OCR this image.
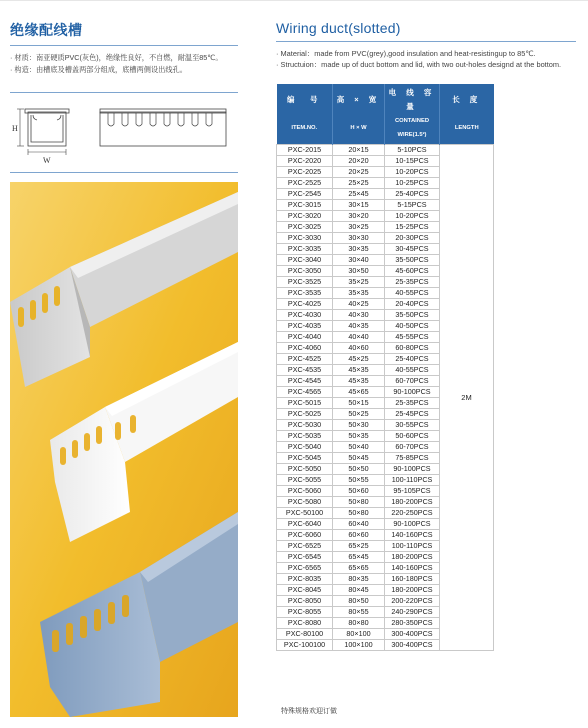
绝缘配线槽
· 材质：南亚硬质PVC(灰色)，绝缘性良好，不自燃，耐温至85℃。
· 构造：由槽底及槽盖两部分组成，底槽两侧设出线孔。
H
W
Wiring duct(slotted)
· Material：made from PVC(grey),good insulation and heat-resistingup to 85℃.
· Structuion：made up of duct bottom and lid, with two out-holes designd at the bottom.
编　号	高 × 宽	电 线 容 量	长 度
ITEM.NO.	H × W	CONTAINED WIRE(1.5²)	LENGTH
PXC-2015	20×15	5-10PCS	2M
PXC-2020	20×20	10-15PCS	
PXC-2025	20×25	10-20PCS	
PXC-2525	25×25	10-25PCS	
PXC-2545	25×45	25-40PCS	
PXC-3015	30×15	5-15PCS	
PXC-3020	30×20	10-20PCS	
PXC-3025	30×25	15-25PCS	
PXC-3030	30×30	20-30PCS	
PXC-3035	30×35	30-45PCS	
PXC-3040	30×40	35-50PCS	
PXC-3050	30×50	45-60PCS	
PXC-3525	35×25	25-35PCS	
PXC-3535	35×35	40-55PCS	
PXC-4025	40×25	20-40PCS	
PXC-4030	40×30	35-50PCS	
PXC-4035	40×35	40-50PCS	
PXC-4040	40×40	45-55PCS	
PXC-4060	40×60	60-80PCS	
PXC-4525	45×25	25-40PCS	
PXC-4535	45×35	40-55PCS	
PXC-4545	45×35	60-70PCS	
PXC-4565	45×65	90-100PCS	
PXC-5015	50×15	25-35PCS	
PXC-5025	50×25	25-45PCS	
PXC-5030	50×30	30-55PCS	
PXC-5035	50×35	50-60PCS	
PXC-5040	50×40	60-70PCS	
PXC-5045	50×45	75-85PCS	
PXC-5050	50×50	90-100PCS	
PXC-5055	50×55	100-110PCS	
PXC-5060	50×60	95-105PCS	
PXC-5080	50×80	180-200PCS	
PXC-50100	50×80	220-250PCS	
PXC-6040	60×40	90-100PCS	
PXC-6060	60×60	140-160PCS	
PXC-6525	65×25	100-110PCS	
PXC-6545	65×45	180-200PCS	
PXC-6565	65×65	140-160PCS	
PXC-8035	80×35	160-180PCS	
PXC-8045	80×45	180-200PCS	
PXC-8050	80×50	200-220PCS	
PXC-8055	80×55	240-290PCS	
PXC-8080	80×80	280-350PCS	
PXC-80100	80×100	300-400PCS	
PXC-100100	100×100	300-400PCS	
特殊规格欢迎订做
